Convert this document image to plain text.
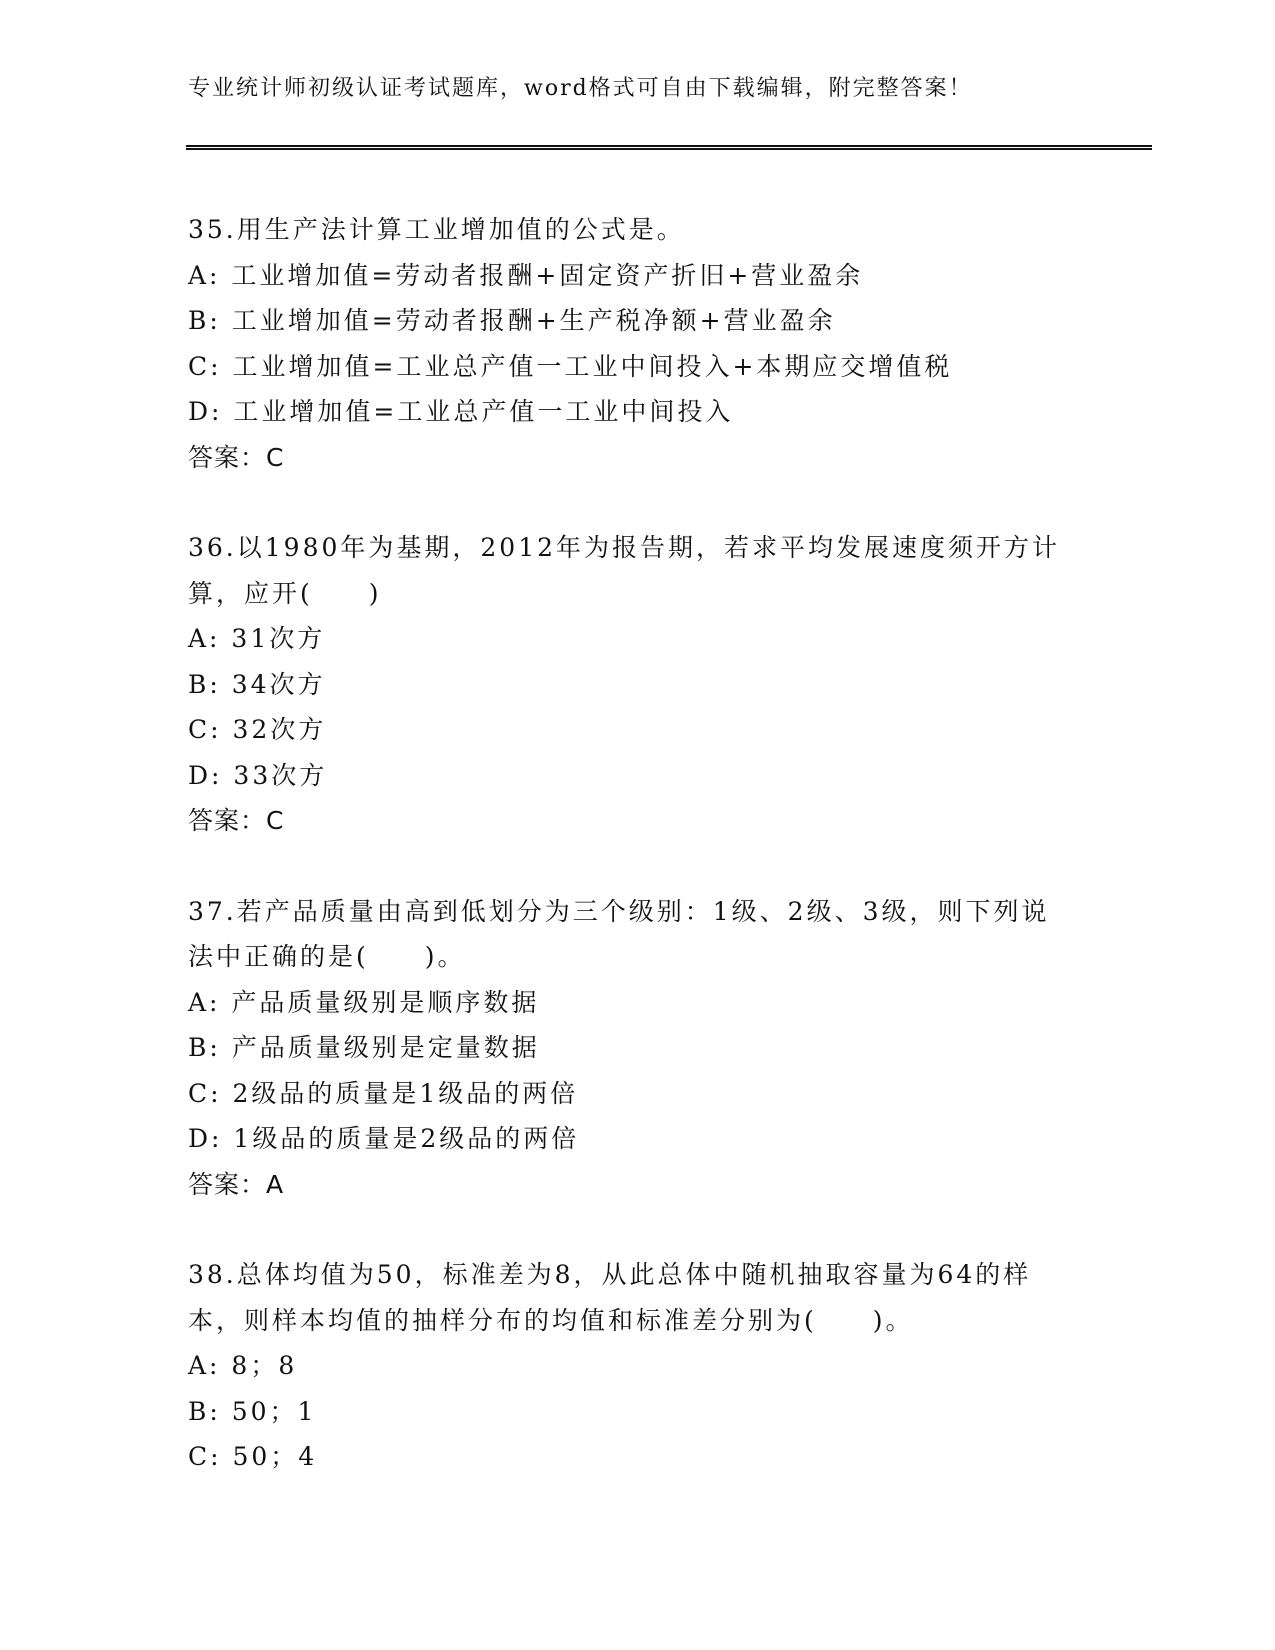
专业统计师初级认证考试题库，word格式可自由下载编辑，附完整答案！
35.用生产法计算工业增加值的公式是。
A: 工业增加值=劳动者报酬+固定资产折旧+营业盈余
B: 工业增加值=劳动者报酬+生产税净额+营业盈余
C: 工业增加值=工业总产值一工业中间投入+本期应交增值税
D: 工业增加值=工业总产值一工业中间投入
答案：C
36.以1980年为基期，2012年为报告期，若求平均发展速度须开方计
算，应开(　　)
A: 31次方
B: 34次方
C: 32次方
D: 33次方
答案：C
37.若产品质量由高到低划分为三个级别：1级、2级、3级，则下列说
法中正确的是(　　)。
A: 产品质量级别是顺序数据
B: 产品质量级别是定量数据
C: 2级品的质量是1级品的两倍
D: 1级品的质量是2级品的两倍
答案：A
38.总体均值为50，标准差为8，从此总体中随机抽取容量为64的样
本，则样本均值的抽样分布的均值和标准差分别为(　　)。
A: 8；8
B: 50；1
C: 50；4
